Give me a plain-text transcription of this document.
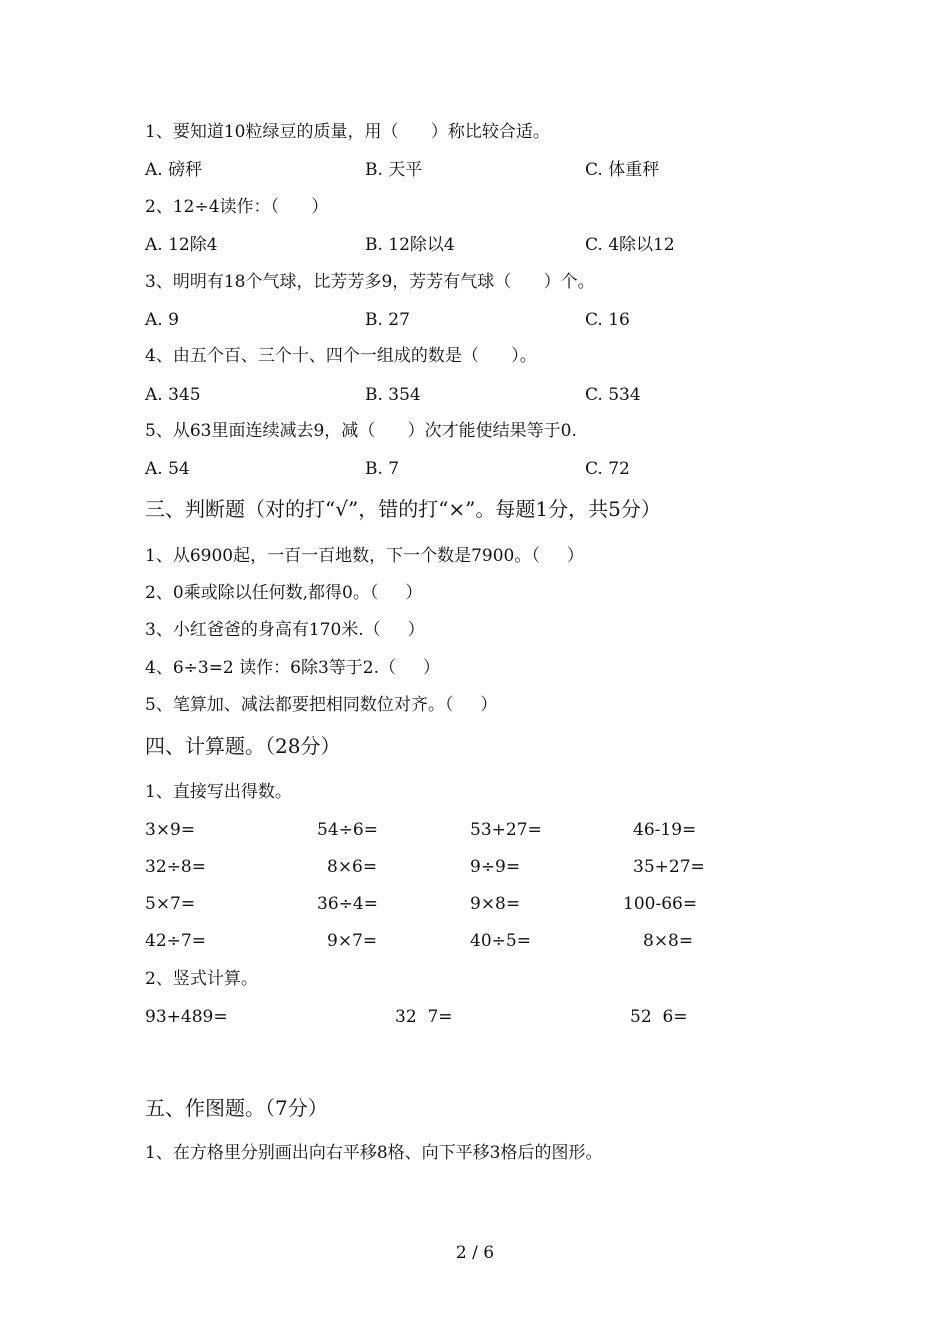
1、要知道10粒绿豆的质量，用（      ）称比较合适。
A. 磅秤	B. 天平	C. 体重秤
2、12÷4读作：（      ）
A. 12除4	B. 12除以4	C. 4除以12
3、明明有18个气球，比芳芳多9，芳芳有气球（      ）个。
A. 9	B. 27	C. 16
4、由五个百、三个十、四个一组成的数是（      ）。
A. 345	B. 354	C. 534
5、从63里面连续减去9，减（      ）次才能使结果等于0.
A. 54	B. 7	C. 72
三、判断题（对的打“√”，错的打“×”。每题1分，共5分）
1、从6900起，一百一百地数，下一个数是7900。（     ）
2、0乘或除以任何数,都得0。（     ）
3、小红爸爸的身高有170米.（     ）
4、6÷3=2 读作：6除3等于2.（     ）
5、笔算加、减法都要把相同数位对齐。（     ）
四、计算题。（28分）
1、直接写出得数。
3×9=	54÷6=	53+27=	46-19=
32÷8=	8×6=	9÷9=	35+27=
5×7=	36÷4=	9×8=	100-66=
42÷7=	9×7=	40÷5=	8×8=
2、竖式计算。
93+489=	32  7=	52  6=
五、作图题。（7分）
1、在方格里分别画出向右平移8格、向下平移3格后的图形。
2 / 6
